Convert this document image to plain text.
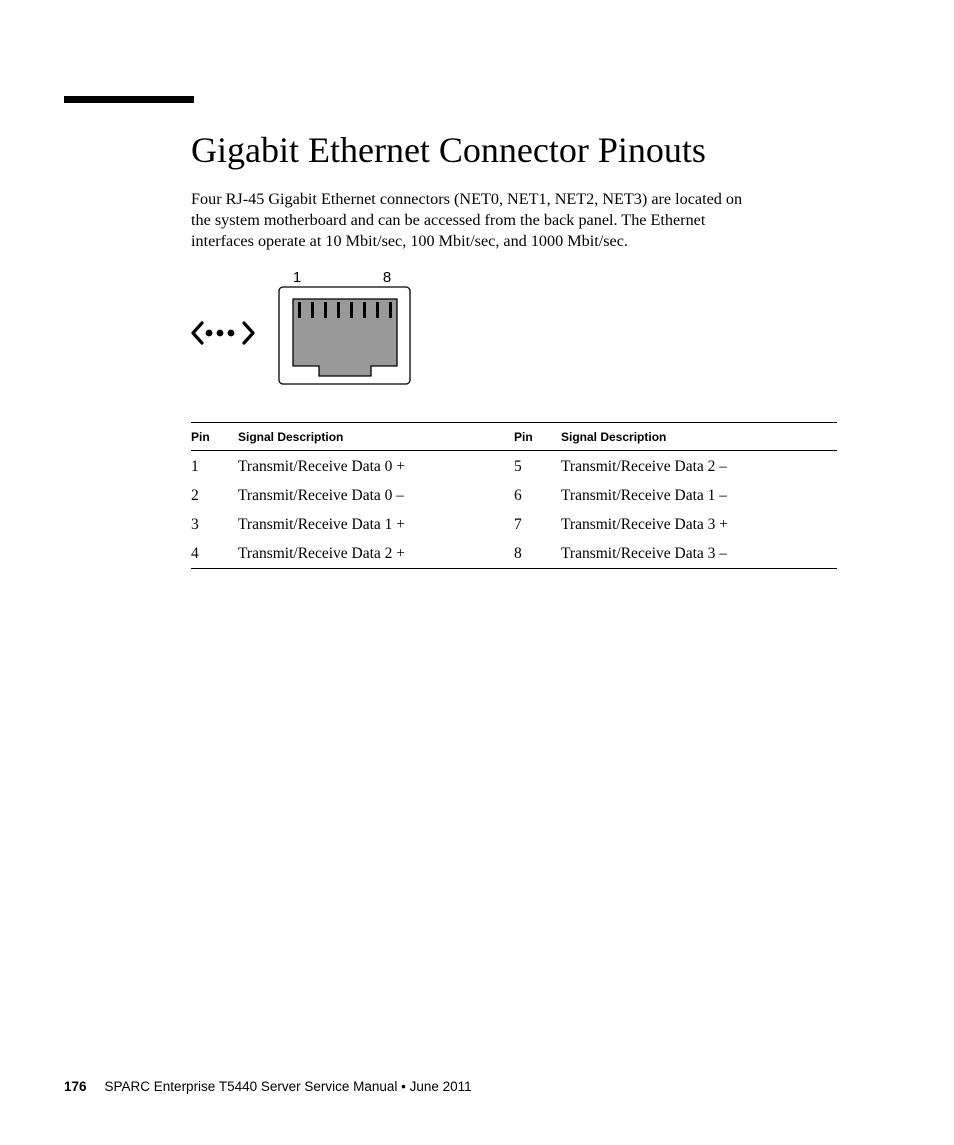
Gigabit Ethernet Connector Pinouts

Four RJ-45 Gigabit Ethernet connectors (NET0, NET1, NET2, NET3) are located on
the system motherboard and can be accessed from the back panel. The Ethernet
interfaces operate at 10 Mbit/sec, 100 Mbit/sec, and 1000 Mbit/sec.

1	8
Pin	Signal Description	Pin	Signal Description
1	Transmit/Receive Data 0 +	5	Transmit/Receive Data 2 –
2	Transmit/Receive Data 0 –	6	Transmit/Receive Data 1 –
3	Transmit/Receive Data 1 +	7	Transmit/Receive Data 3 +
4	Transmit/Receive Data 2 +	8	Transmit/Receive Data 3 –
176 SPARC Enterprise T5440 Server Service Manual • June 2011
